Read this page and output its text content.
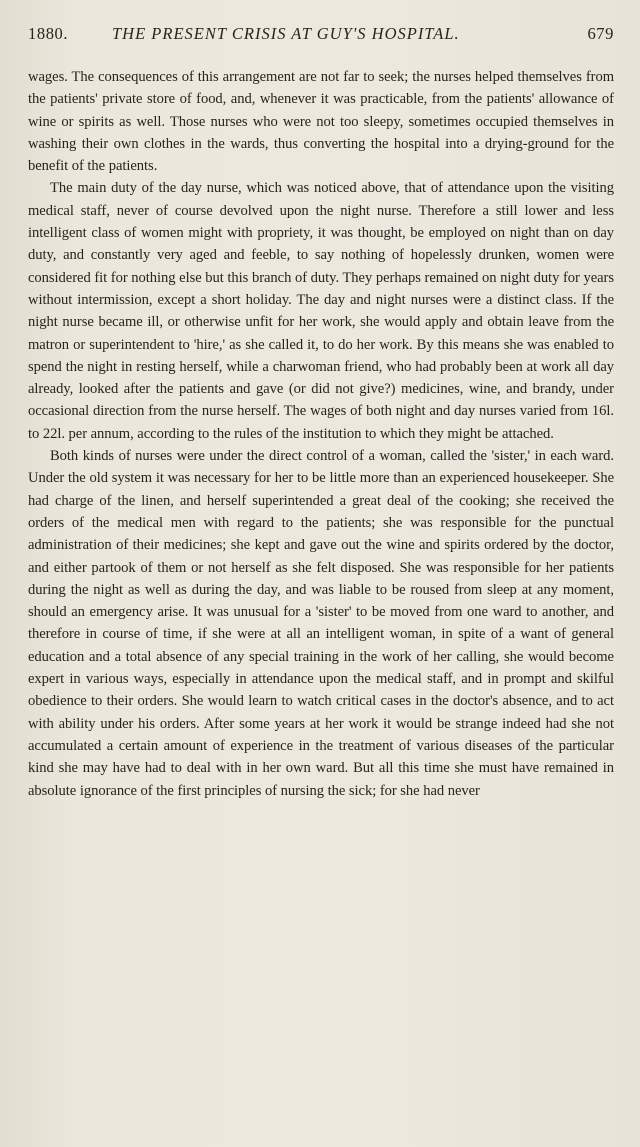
1880.	THE PRESENT CRISIS AT GUY'S HOSPITAL.	679

wages. The consequences of this arrangement are not far to seek; the nurses helped themselves from the patients' private store of food, and, whenever it was practicable, from the patients' allowance of wine or spirits as well. Those nurses who were not too sleepy, sometimes occupied themselves in washing their own clothes in the wards, thus converting the hospital into a drying-ground for the benefit of the patients.

The main duty of the day nurse, which was noticed above, that of attendance upon the visiting medical staff, never of course devolved upon the night nurse. Therefore a still lower and less intelligent class of women might with propriety, it was thought, be employed on night than on day duty, and constantly very aged and feeble, to say nothing of hopelessly drunken, women were considered fit for nothing else but this branch of duty. They perhaps remained on night duty for years without intermission, except a short holiday. The day and night nurses were a distinct class. If the night nurse became ill, or otherwise unfit for her work, she would apply and obtain leave from the matron or superintendent to 'hire,' as she called it, to do her work. By this means she was enabled to spend the night in resting herself, while a charwoman friend, who had probably been at work all day already, looked after the patients and gave (or did not give?) medicines, wine, and brandy, under occasional direction from the nurse herself. The wages of both night and day nurses varied from 16l. to 22l. per annum, according to the rules of the institution to which they might be attached.

Both kinds of nurses were under the direct control of a woman, called the 'sister,' in each ward. Under the old system it was necessary for her to be little more than an experienced housekeeper. She had charge of the linen, and herself superintended a great deal of the cooking; she received the orders of the medical men with regard to the patients; she was responsible for the punctual administration of their medicines; she kept and gave out the wine and spirits ordered by the doctor, and either partook of them or not herself as she felt disposed. She was responsible for her patients during the night as well as during the day, and was liable to be roused from sleep at any moment, should an emergency arise. It was unusual for a 'sister' to be moved from one ward to another, and therefore in course of time, if she were at all an intelligent woman, in spite of a want of general education and a total absence of any special training in the work of her calling, she would become expert in various ways, especially in attendance upon the medical staff, and in prompt and skilful obedience to their orders. She would learn to watch critical cases in the doctor's absence, and to act with ability under his orders. After some years at her work it would be strange indeed had she not accumulated a certain amount of experience in the treatment of various diseases of the particular kind she may have had to deal with in her own ward. But all this time she must have remained in absolute ignorance of the first principles of nursing the sick; for she had never
